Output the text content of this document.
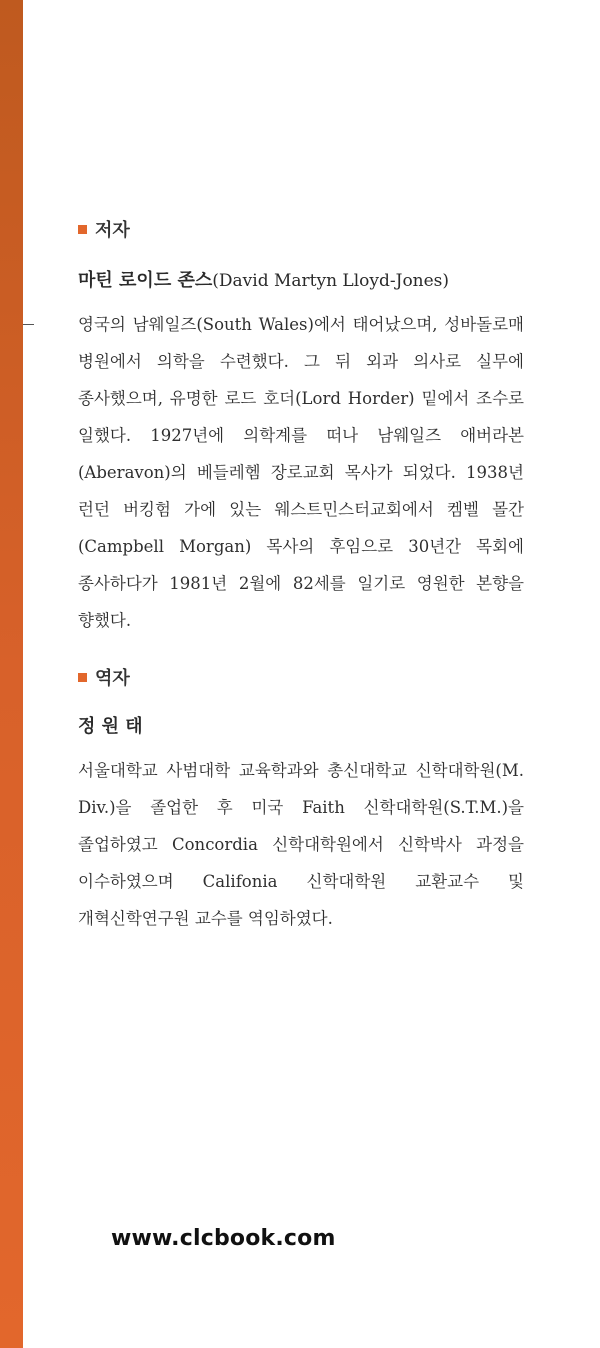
저자
마틴 로이드 존스(David Martyn Lloyd-Jones)

영국의 남웨일즈(South Wales)에서 태어났으며, 성바돌로매 병원에서 의학을 수련했다. 그 뒤 외과 의사로 실무에 종사했으며, 유명한 로드 호더(Lord Horder) 밑에서 조수로 일했다. 1927년에 의학계를 떠나 남웨일즈 애버라본(Aberavon)의 베들레헴 장로교회 목사가 되었다. 1938년 런던 버킹험 가에 있는 웨스트민스터교회에서 켐벨 몰간(Campbell Morgan) 목사의 후임으로 30년간 목회에 종사하다가 1981년 2월에 82세를 일기로 영원한 본향을 향했다.

역자
정 원 태

서울대학교 사범대학 교육학과와 총신대학교 신학대학원(M. Div.)을 졸업한 후 미국 Faith 신학대학원(S.T.M.)을 졸업하였고 Concordia 신학대학원에서 신학박사 과정을 이수하였으며 Califonia 신학대학원 교환교수 및 개혁신학연구원 교수를 역임하였다.

www.clcbook.com
